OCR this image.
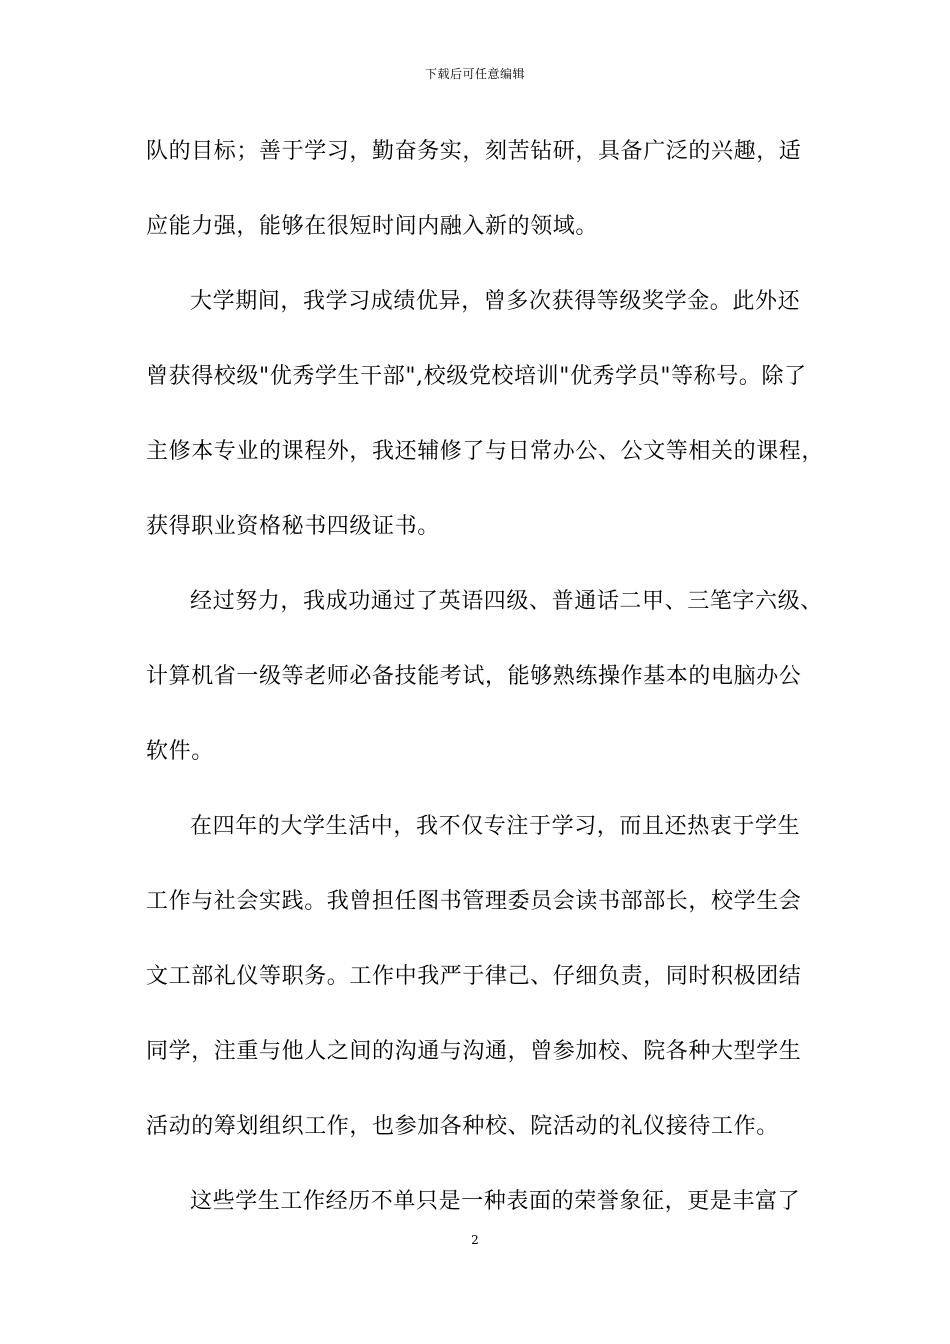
下载后可任意编辑
队的目标；善于学习，勤奋务实，刻苦钻研，具备广泛的兴趣，适
应能力强，能够在很短时间内融入新的领域。
大学期间，我学习成绩优异，曾多次获得等级奖学金。此外还
曾获得校级"优秀学生干部",校级党校培训"优秀学员"等称号。除了
主修本专业的课程外，我还辅修了与日常办公、公文等相关的课程，
获得职业资格秘书四级证书。
经过努力，我成功通过了英语四级、普通话二甲、三笔字六级、
计算机省一级等老师必备技能考试，能够熟练操作基本的电脑办公
软件。
在四年的大学生活中，我不仅专注于学习，而且还热衷于学生
工作与社会实践。我曾担任图书管理委员会读书部部长，校学生会
文工部礼仪等职务。工作中我严于律己、仔细负责，同时积极团结
同学，注重与他人之间的沟通与沟通，曾参加校、院各种大型学生
活动的筹划组织工作，也参加各种校、院活动的礼仪接待工作。
这些学生工作经历不单只是一种表面的荣誉象征，更是丰富了
2
